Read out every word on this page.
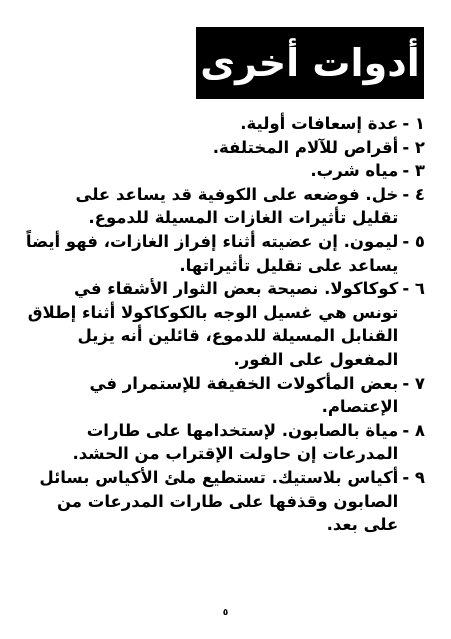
أدوات أخرى
١ -
عدة إسعافات أولية.
٢ -
أقراص للآلام المختلفة.
٣ -
مياه شرب.
٤ -
خل. فوضعه على الكوفية قد يساعد على تقليل تأثيرات الغازات المسيلة للدموع.
٥ -
ليمون. إن عضيته أثناء إفراز الغازات، فهو أيضاً يساعد على تقليل تأثيراتها.
٦ -
كوكاكولا. نصيحة بعض الثوار الأشقاء في تونس هي غسيل الوجه بالكوكاكولا أثناء إطلاق القنابل المسيلة للدموع، قائلين أنه يزيل المفعول على الفور.
٧ -
بعض المأكولات الخفيفة للإستمرار في الإعتصام.
٨ -
مياة بالصابون. لإستخدامها على طارات المدرعات إن حاولت الإقتراب من الحشد.
٩ -
أكياس بلاستيك. تستطيع ملئ الأكياس بسائل الصابون وقذفها على طارات المدرعات من على بعد.
٥
